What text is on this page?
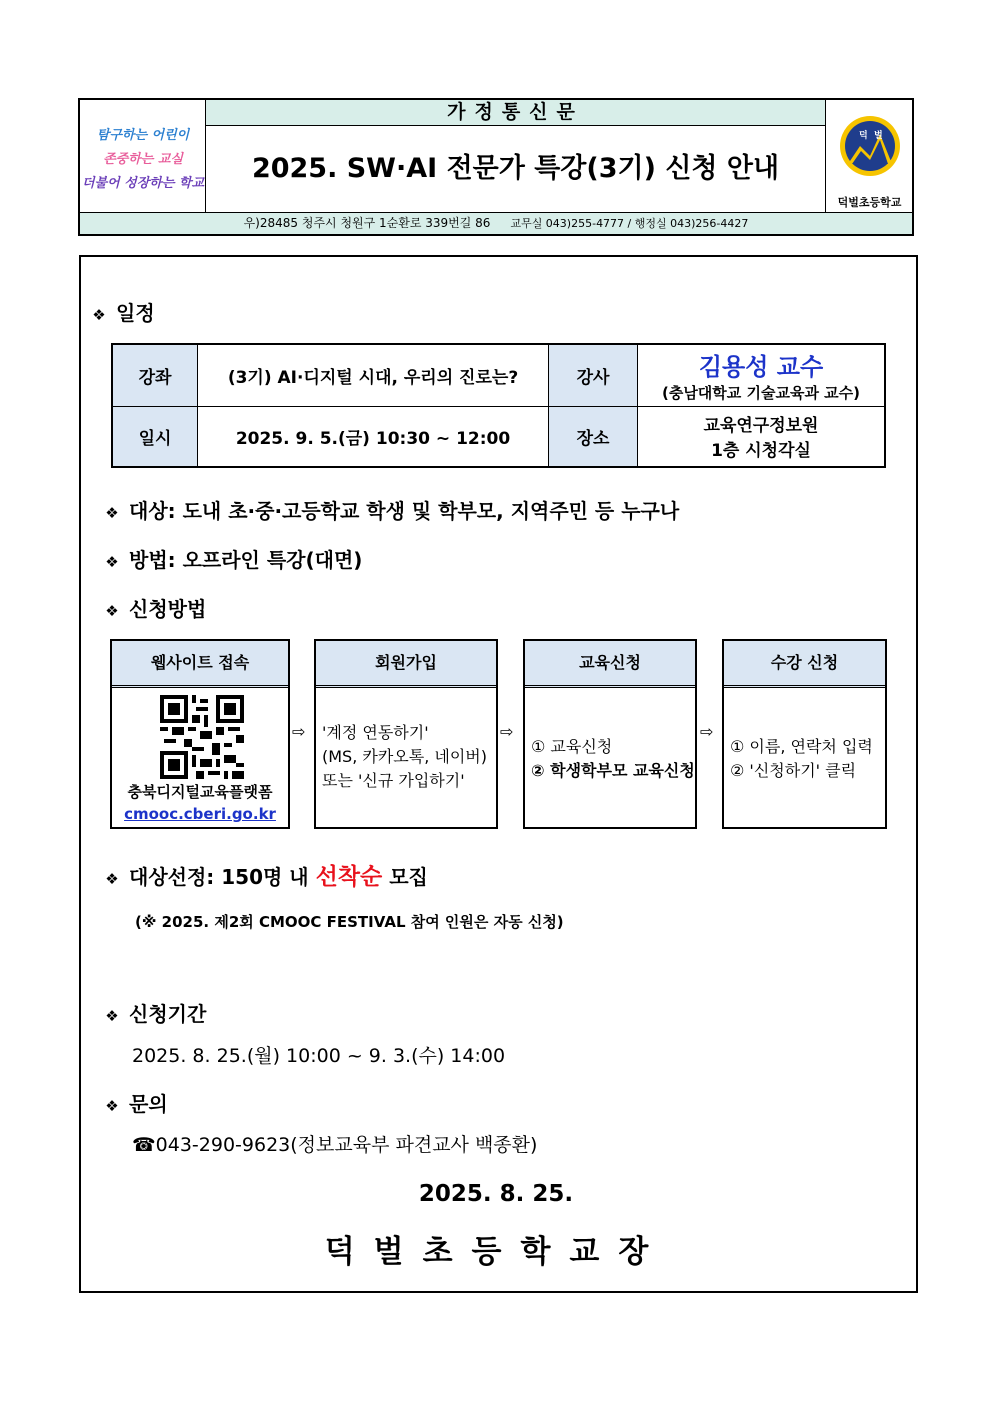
탐구하는 어린이
존중하는 교실
더불어 성장하는 학교
가정통신문
2025. SW·AI 전문가 특강(3기) 신청 안내
덕 벌
덕벌초등학교
우)28485 청주시 청원구 1순환로 339번길 86 교무실 043)255-4777 / 행정실 043)256-4427
❖ 일정
강좌	(3기) AI·디지털 시대, 우리의 진로는?	강사	김용성 교수
(충남대학교 기술교육과 교수)

일시	2025. 9. 5.(금) 10:30 ~ 12:00	장소	교육연구정보원
1층 시청각실
❖ 대상: 도내 초·중·고등학교 학생 및 학부모, 지역주민 등 누구나
❖ 방법: 오프라인 특강(대면)
❖ 신청방법
웹사이트 접속
충북디지털교육플랫폼
cmooc.cberi.go.kr
⇨
회원가입
'계정 연동하기'
(MS, 카카오톡, 네이버)
또는 '신규 가입하기'
⇨
교육신청
① 교육신청
② 학생학부모 교육신청
⇨
수강 신청
① 이름, 연락처 입력
② '신청하기' 클릭
❖ 대상선정: 150명 내 선착순 모집
(※ 2025. 제2회 CMOOC FESTIVAL 참여 인원은 자동 신청)
❖ 신청기간
2025. 8. 25.(월) 10:00 ~ 9. 3.(수) 14:00
❖ 문의
☎043-290-9623(정보교육부 파견교사 백종환)
2025. 8. 25.
덕벌초등학교장
